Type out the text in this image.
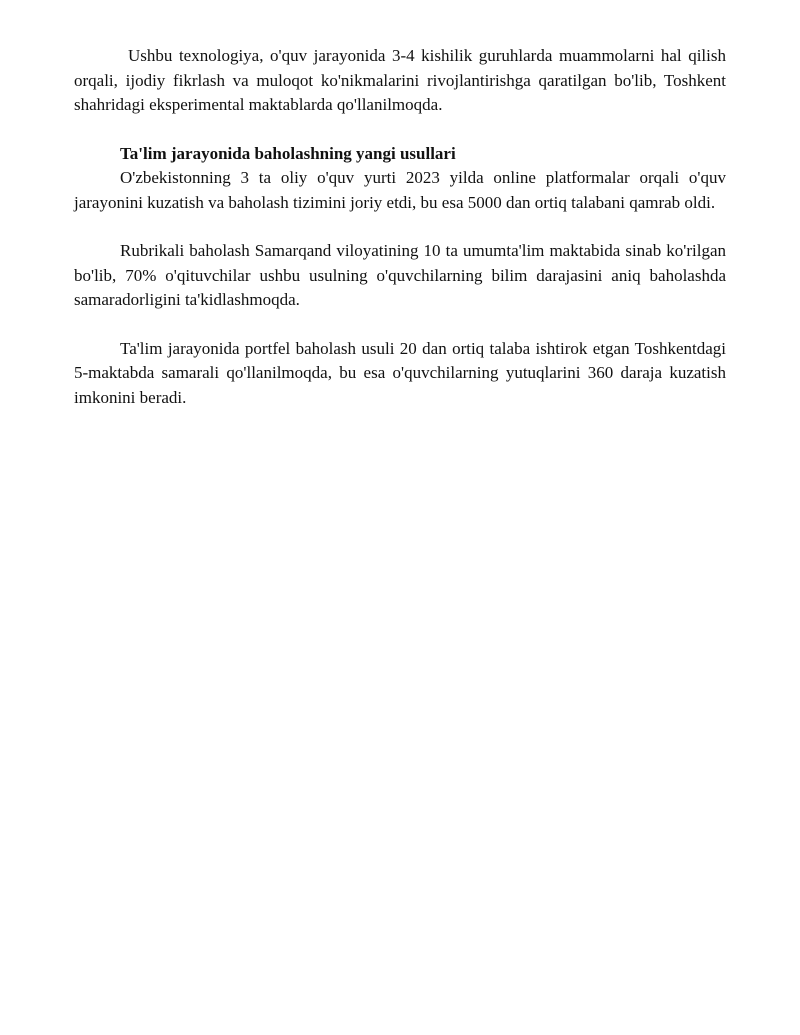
Ushbu texnologiya, o'quv jarayonida 3-4 kishilik guruhlarda muammolarni hal qilish orqali, ijodiy fikrlash va muloqot ko'nikmalarini rivojlantirishga qaratilgan bo'lib, Toshkent shahridagi eksperimental maktablarda qo'llanilmoqda.

Ta'lim jarayonida baholashning yangi usullari

O'zbekistonning 3 ta oliy o'quv yurti 2023 yilda online platformalar orqali o'quv jarayonini kuzatish va baholash tizimini joriy etdi, bu esa 5000 dan ortiq talabani qamrab oldi.

Rubrikali baholash Samarqand viloyatining 10 ta umumta'lim maktabida sinab ko'rilgan bo'lib, 70% o'qituvchilar ushbu usulning o'quvchilarning bilim darajasini aniq baholashda samaradorligini ta'kidlashmoqda.

Ta'lim jarayonida portfel baholash usuli 20 dan ortiq talaba ishtirok etgan Toshkentdagi 5-maktabda samarali qo'llanilmoqda, bu esa o'quvchilarning yutuqlarini 360 daraja kuzatish imkonini beradi.
